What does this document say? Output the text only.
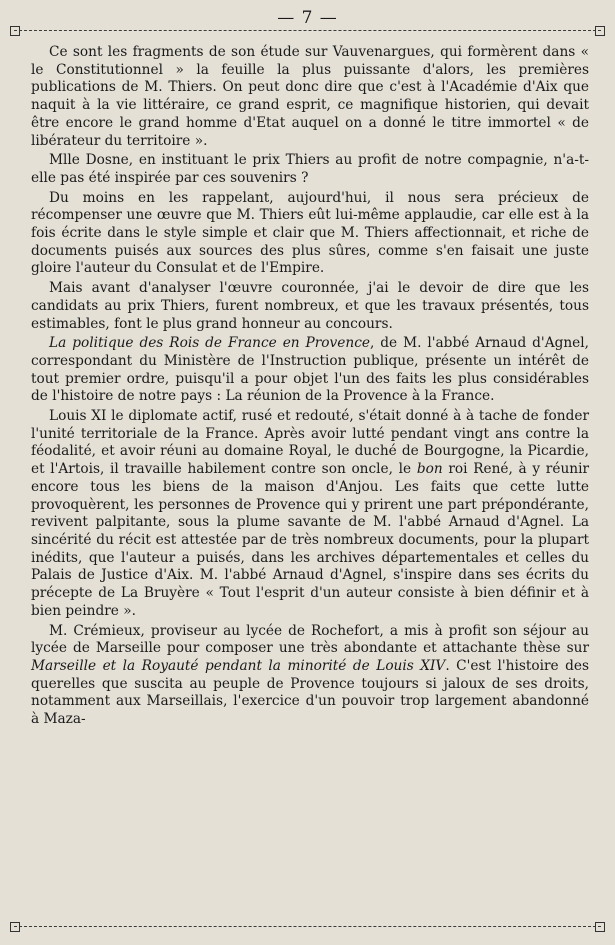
— 7 —

Ce sont les fragments de son étude sur Vauvenargues, qui formèrent dans « le Constitutionnel » la feuille la plus puissante d'alors, les premières publications de M. Thiers. On peut donc dire que c'est à l'Académie d'Aix que naquit à la vie littéraire, ce grand esprit, ce magnifique historien, qui devait être encore le grand homme d'Etat auquel on a donné le titre immortel « de libérateur du territoire ».

Mlle Dosne, en instituant le prix Thiers au profit de notre compagnie, n'a-t-elle pas été inspirée par ces souvenirs ?

Du moins en les rappelant, aujourd'hui, il nous sera précieux de récompenser une œuvre que M. Thiers eût lui-même applaudie, car elle est à la fois écrite dans le style simple et clair que M. Thiers affectionnait, et riche de documents puisés aux sources des plus sûres, comme s'en faisait une juste gloire l'auteur du Consulat et de l'Empire.

Mais avant d'analyser l'œuvre couronnée, j'ai le devoir de dire que les candidats au prix Thiers, furent nombreux, et que les travaux présentés, tous estimables, font le plus grand honneur au concours.

La politique des Rois de France en Provence, de M. l'abbé Arnaud d'Agnel, correspondant du Ministère de l'Instruction publique, présente un intérêt de tout premier ordre, puisqu'il a pour objet l'un des faits les plus considérables de l'histoire de notre pays : La réunion de la Provence à la France.

Louis XI le diplomate actif, rusé et redouté, s'était donné à à tache de fonder l'unité territoriale de la France. Après avoir lutté pendant vingt ans contre la féodalité, et avoir réuni au domaine Royal, le duché de Bourgogne, la Picardie, et l'Artois, il travaille habilement contre son oncle, le bon roi René, à y réunir encore tous les biens de la maison d'Anjou. Les faits que cette lutte provoquèrent, les personnes de Provence qui y prirent une part prépondérante, revivent palpitante, sous la plume savante de M. l'abbé Arnaud d'Agnel. La sincérité du récit est attestée par de très nombreux documents, pour la plupart inédits, que l'auteur a puisés, dans les archives départementales et celles du Palais de Justice d'Aix. M. l'abbé Arnaud d'Agnel, s'inspire dans ses écrits du précepte de La Bruyère « Tout l'esprit d'un auteur consiste à bien définir et à bien peindre ».

M. Crémieux, proviseur au lycée de Rochefort, a mis à profit son séjour au lycée de Marseille pour composer une très abondante et attachante thèse sur Marseille et la Royauté pendant la minorité de Louis XIV. C'est l'histoire des querelles que suscita au peuple de Provence toujours si jaloux de ses droits, notamment aux Marseillais, l'exercice d'un pouvoir trop largement abandonné à Maza-
